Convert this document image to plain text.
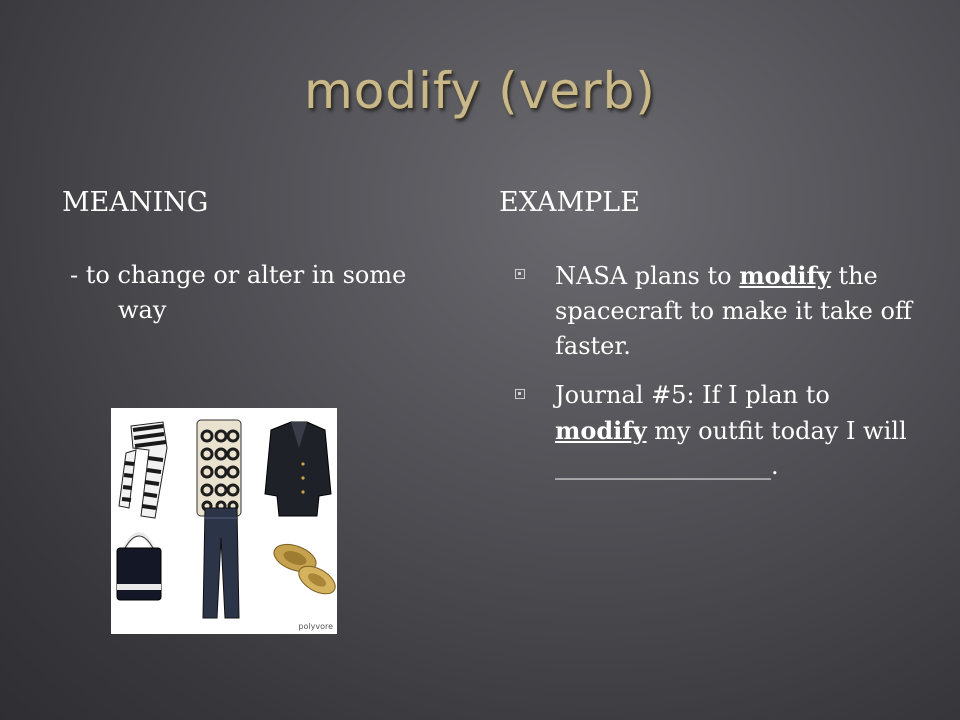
modify (verb)
MEANING	EXAMPLE
- to change or alter in some
way
NASA plans to modify the spacecraft to make it take off faster.
Journal #5: If I plan to modify my outfit today I will __________________.
polyvore
